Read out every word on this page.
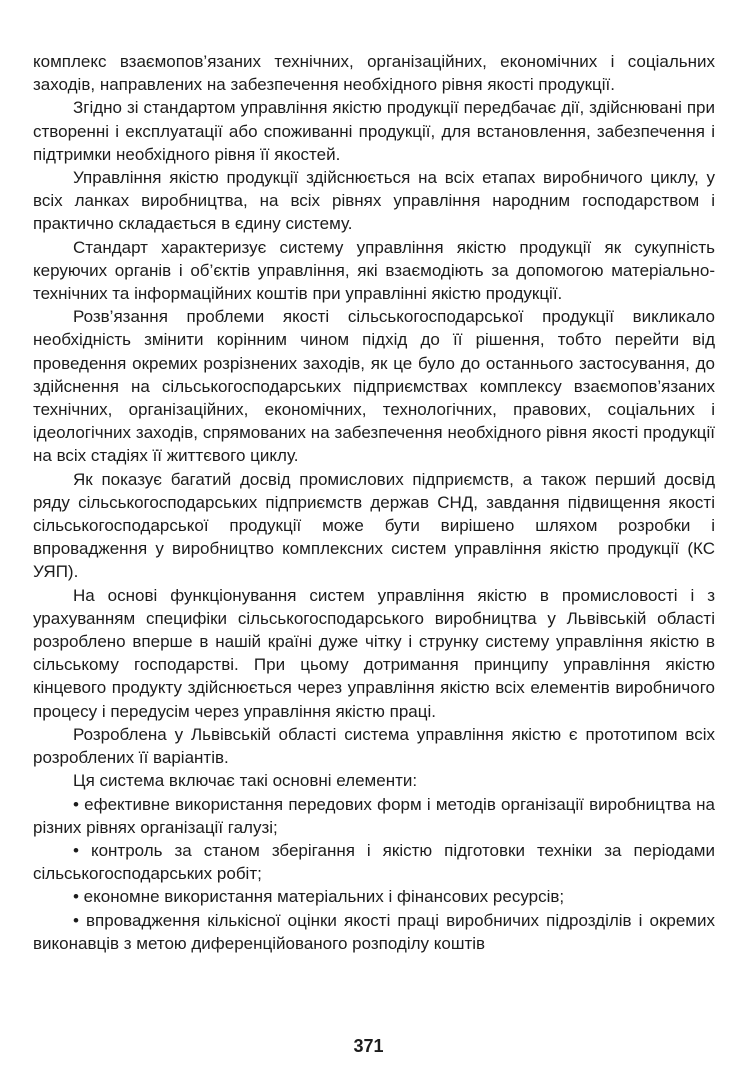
комплекс взаємопов’язаних технічних, організаційних, економічних і соціальних заходів, направлених на забезпечення необхідного рівня якості продукції.

Згідно зі стандартом управління якістю продукції передбачає дії, здійснювані при створенні і експлуатації або споживанні продукції, для встановлення, забезпечення і підтримки необхідного рівня її якостей.

Управління якістю продукції здійснюється на всіх етапах виробничого циклу, у всіх ланках виробництва, на всіх рівнях управління народним господарством і практично складається в єдину систему.

Стандарт характеризує систему управління якістю продукції як сукупність керуючих органів і об’єктів управління, які взаємодіють за допомогою матеріально-технічних та інформаційних коштів при управлінні якістю продукції.

Розв’язання проблеми якості сільськогосподарської продукції викликало необхідність змінити корінним чином підхід до її рішення, тобто перейти від проведення окремих розрізнених заходів, як це було до останнього застосування, до здійснення на сільськогосподарських підприємствах комплексу взаємопов’язаних технічних, організаційних, економічних, технологічних, правових, соціальних і ідеологічних заходів, спрямованих на забезпечення необхідного рівня якості продукції на всіх стадіях її життєвого циклу.

Як показує багатий досвід промислових підприємств, а також перший досвід ряду сільськогосподарських підприємств держав СНД, завдання підвищення якості сільськогосподарської продукції може бути вирішено шляхом розробки і впровадження у виробництво комплексних систем управління якістю продукції (КС УЯП).

На основі функціонування систем управління якістю в промисловості і з урахуванням специфіки сільськогосподарського виробництва у Львівській області розроблено вперше в нашій країні дуже чітку і струнку систему управління якістю в сільському господарстві. При цьому дотримання принципу управління якістю кінцевого продукту здійснюється через управління якістю всіх елементів виробничого процесу і передусім через управління якістю праці.

Розроблена у Львівській області система управління якістю є прототипом всіх розроблених її варіантів.

Ця система включає такі основні елементи:

• ефективне використання передових форм і методів організації виробництва на різних рівнях організації галузі;

• контроль за станом зберігання і якістю підготовки техніки за періодами сільськогосподарських робіт;

• економне використання матеріальних і фінансових ресурсів;

• впровадження кількісної оцінки якості праці виробничих підрозділів і окремих виконавців з метою диференційованого розподілу коштів

371
